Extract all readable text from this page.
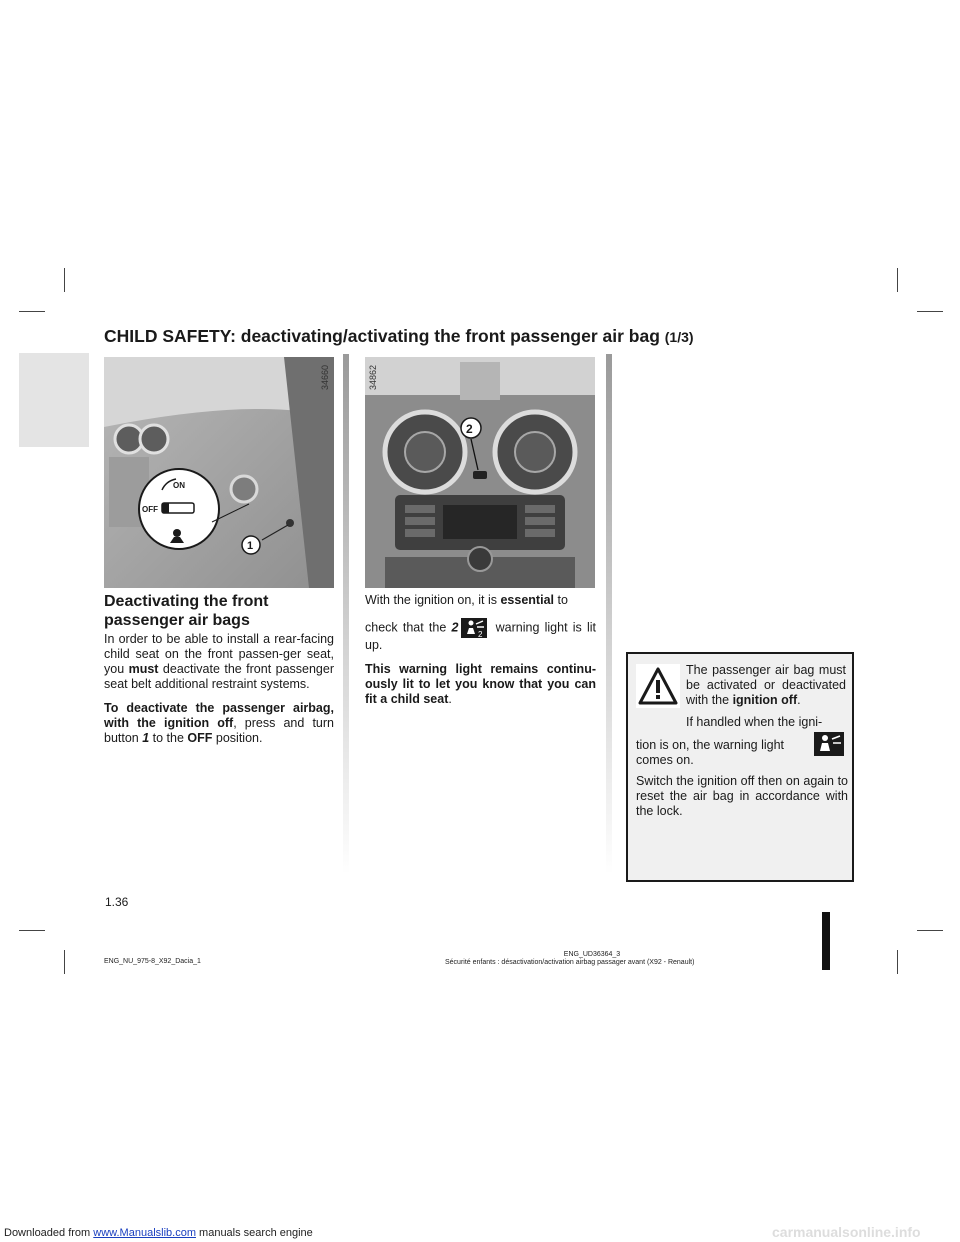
CHILD SAFETY: deactivating/activating the front passenger air bag (1/3)
ON
OFF
1
34660
2
34862
Deactivating the front passenger air bags

In order to be able to install a rear-facing child seat on the front passen-ger seat, you must deactivate the front passenger seat belt additional restraint systems.

To deactivate the passenger airbag, with the ignition off, press and turn button 1 to the OFF position.

With the ignition on, it is essential to

check that the 2
2
warning light is lit up.

This warning light remains continu-ously lit to let you know that you can fit a child seat.

The passenger air bag must be activated or deactivated with the ignition off.
If handled when the igni-
tion is on, the warning light
comes on.
Switch the ignition off then on again to reset the air bag in accordance with the lock.
1.36
ENG_NU_975-8_X92_Dacia_1
ENG_UD36364_3
Sécurité enfants : désactivation/activation airbag passager avant (X92 - Renault)
Downloaded from www.Manualslib.com manuals search engine	carmanualsonline.info
